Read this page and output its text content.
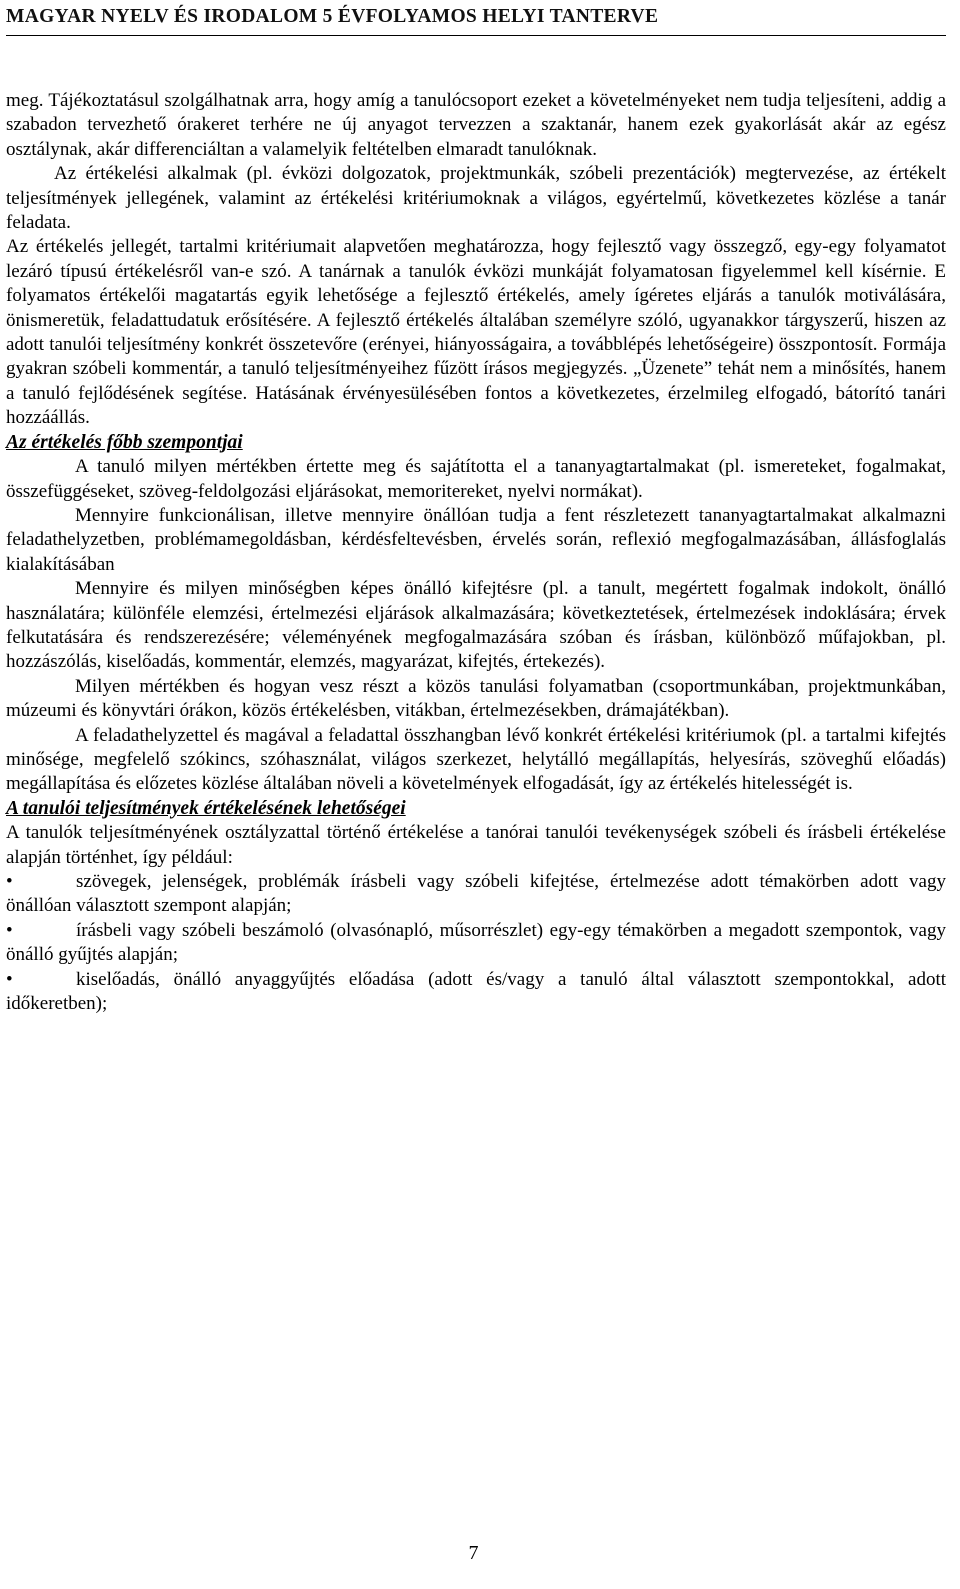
MAGYAR NYELV ÉS IRODALOM 5 ÉVFOLYAMOS HELYI TANTERVE

meg. Tájékoztatásul szolgálhatnak arra, hogy amíg a tanulócsoport ezeket a követelményeket nem tudja teljesíteni, addig a szabadon tervezhető órakeret terhére ne új anyagot tervezzen a szaktanár, hanem ezek gyakorlását akár az egész osztálynak, akár differenciáltan a valamelyik feltételben elmaradt tanulóknak.

Az értékelési alkalmak (pl. évközi dolgozatok, projektmunkák, szóbeli prezentációk) megtervezése, az értékelt teljesítmények jellegének, valamint az értékelési kritériumoknak a világos, egyértelmű, következetes közlése a tanár feladata.

Az értékelés jellegét, tartalmi kritériumait alapvetően meghatározza, hogy fejlesztő vagy összegző, egy-egy folyamatot lezáró típusú értékelésről van-e szó. A tanárnak a tanulók évközi munkáját folyamatosan figyelemmel kell kísérnie. E folyamatos értékelői magatartás egyik lehetősége a fejlesztő értékelés, amely ígéretes eljárás a tanulók motiválására, önismeretük, feladattudatuk erősítésére. A fejlesztő értékelés általában személyre szóló, ugyanakkor tárgyszerű, hiszen az adott tanulói teljesítmény konkrét összetevőre (erényei, hiányosságaira, a továbblépés lehetőségeire) összpontosít. Formája gyakran szóbeli kommentár, a tanuló teljesítményeihez fűzött írásos megjegyzés. „Üzenete” tehát nem a minősítés, hanem a tanuló fejlődésének segítése. Hatásának érvényesülésében fontos a következetes, érzelmileg elfogadó, bátorító tanári hozzáállás.

Az értékelés főbb szempontjai

A tanuló milyen mértékben értette meg és sajátította el a tananyagtartalmakat (pl. ismereteket, fogalmakat, összefüggéseket, szöveg-feldolgozási eljárásokat, memoritereket, nyelvi normákat).

Mennyire funkcionálisan, illetve mennyire önállóan tudja a fent részletezett tananyagtartalmakat alkalmazni feladathelyzetben, problémamegoldásban, kérdésfeltevésben, érvelés során, reflexió megfogalmazásában, állásfoglalás kialakításában

Mennyire és milyen minőségben képes önálló kifejtésre (pl. a tanult, megértett fogalmak indokolt, önálló használatára; különféle elemzési, értelmezési eljárások alkalmazására; következtetések, értelmezések indoklására; érvek felkutatására és rendszerezésére; véleményének megfogalmazására szóban és írásban, különböző műfajokban, pl. hozzászólás, kiselőadás, kommentár, elemzés, magyarázat, kifejtés, értekezés).

Milyen mértékben és hogyan vesz részt a közös tanulási folyamatban (csoportmunkában, projektmunkában, múzeumi és könyvtári órákon, közös értékelésben, vitákban, értelmezésekben, drámajátékban).

A feladathelyzettel és magával a feladattal összhangban lévő konkrét értékelési kritériumok (pl. a tartalmi kifejtés minősége, megfelelő szókincs, szóhasználat, világos szerkezet, helytálló megállapítás, helyesírás, szöveghű előadás) megállapítása és előzetes közlése általában növeli a követelmények elfogadását, így az értékelés hitelességét is.

A tanulói teljesítmények értékelésének lehetőségei

A tanulók teljesítményének osztályzattal történő értékelése a tanórai tanulói tevékenységek szóbeli és írásbeli értékelése alapján történhet, így például:

•	szövegek, jelenségek, problémák írásbeli vagy szóbeli kifejtése, értelmezése adott témakörben adott vagy önállóan választott szempont alapján;

•	írásbeli vagy szóbeli beszámoló (olvasónapló, műsorrészlet) egy-egy témakörben a megadott szempontok, vagy önálló gyűjtés alapján;

•	kiselőadás, önálló anyaggyűjtés előadása (adott és/vagy a tanuló által választott szempontokkal, adott időkeretben);

7
